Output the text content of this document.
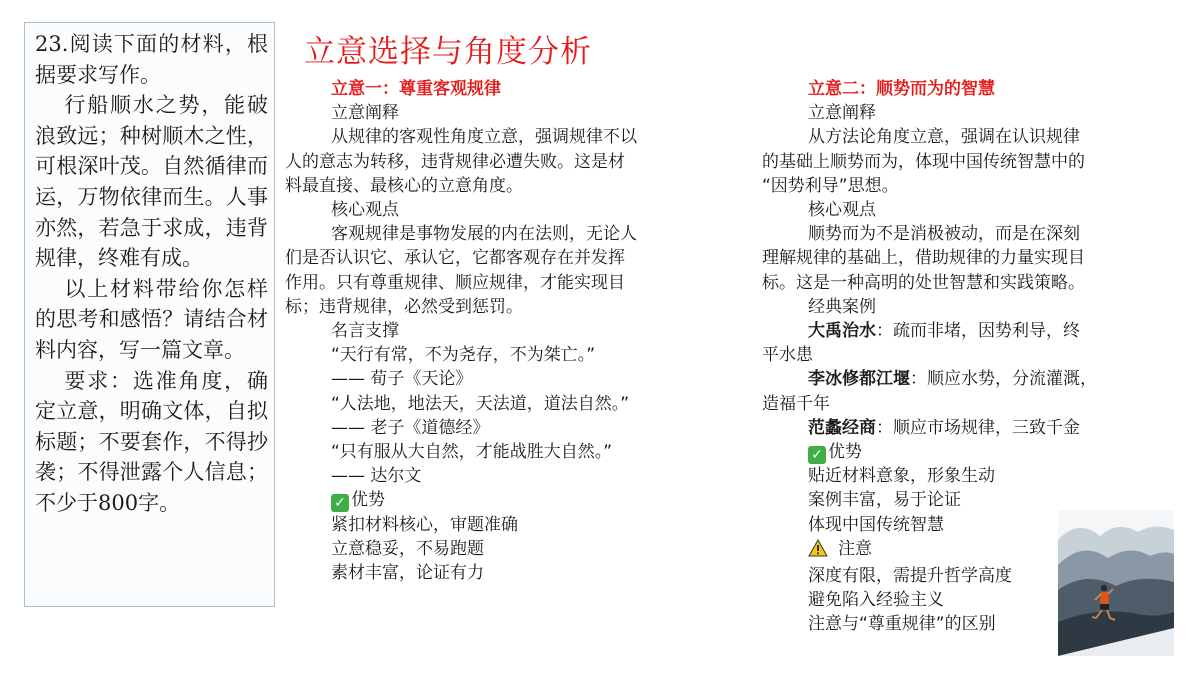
23.阅读下面的材料，根据要求写作。

行船顺水之势，能破浪致远；种树顺木之性，可根深叶茂。自然循律而运，万物依律而生。人事亦然，若急于求成，违背规律，终难有成。

以上材料带给你怎样的思考和感悟？请结合材料内容，写一篇文章。

要求：选准角度，确定立意，明确文体，自拟标题；不要套作，不得抄袭；不得泄露个人信息；不少于800字。

立意选择与角度分析
立意一：尊重客观规律
立意阐释
从规律的客观性角度立意，强调规律不以
人的意志为转移，违背规律必遭失败。这是材
料最直接、最核心的立意角度。
核心观点
客观规律是事物发展的内在法则，无论人
们是否认识它、承认它，它都客观存在并发挥
作用。只有尊重规律、顺应规律，才能实现目
标；违背规律，必然受到惩罚。
名言支撑
“天行有常，不为尧存，不为桀亡。”
—— 荀子《天论》
“人法地，地法天，天法道，道法自然。”
—— 老子《道德经》
“只有服从大自然，才能战胜大自然。”
—— 达尔文
✓ 优势
紧扣材料核心，审题准确
立意稳妥，不易跑题
素材丰富，论证有力
立意二：顺势而为的智慧
立意阐释
从方法论角度立意，强调在认识规律
的基础上顺势而为，体现中国传统智慧中的
“因势利导”思想。
核心观点
顺势而为不是消极被动，而是在深刻
理解规律的基础上，借助规律的力量实现目
标。这是一种高明的处世智慧和实践策略。
经典案例
大禹治水：疏而非堵，因势利导，终
平水患
李冰修都江堰：顺应水势，分流灌溉，
造福千年
范蠡经商：顺应市场规律，三致千金
✓ 优势
贴近材料意象，形象生动
案例丰富，易于论证
体现中国传统智慧
注意
深度有限，需提升哲学高度
避免陷入经验主义
注意与“尊重规律”的区别
